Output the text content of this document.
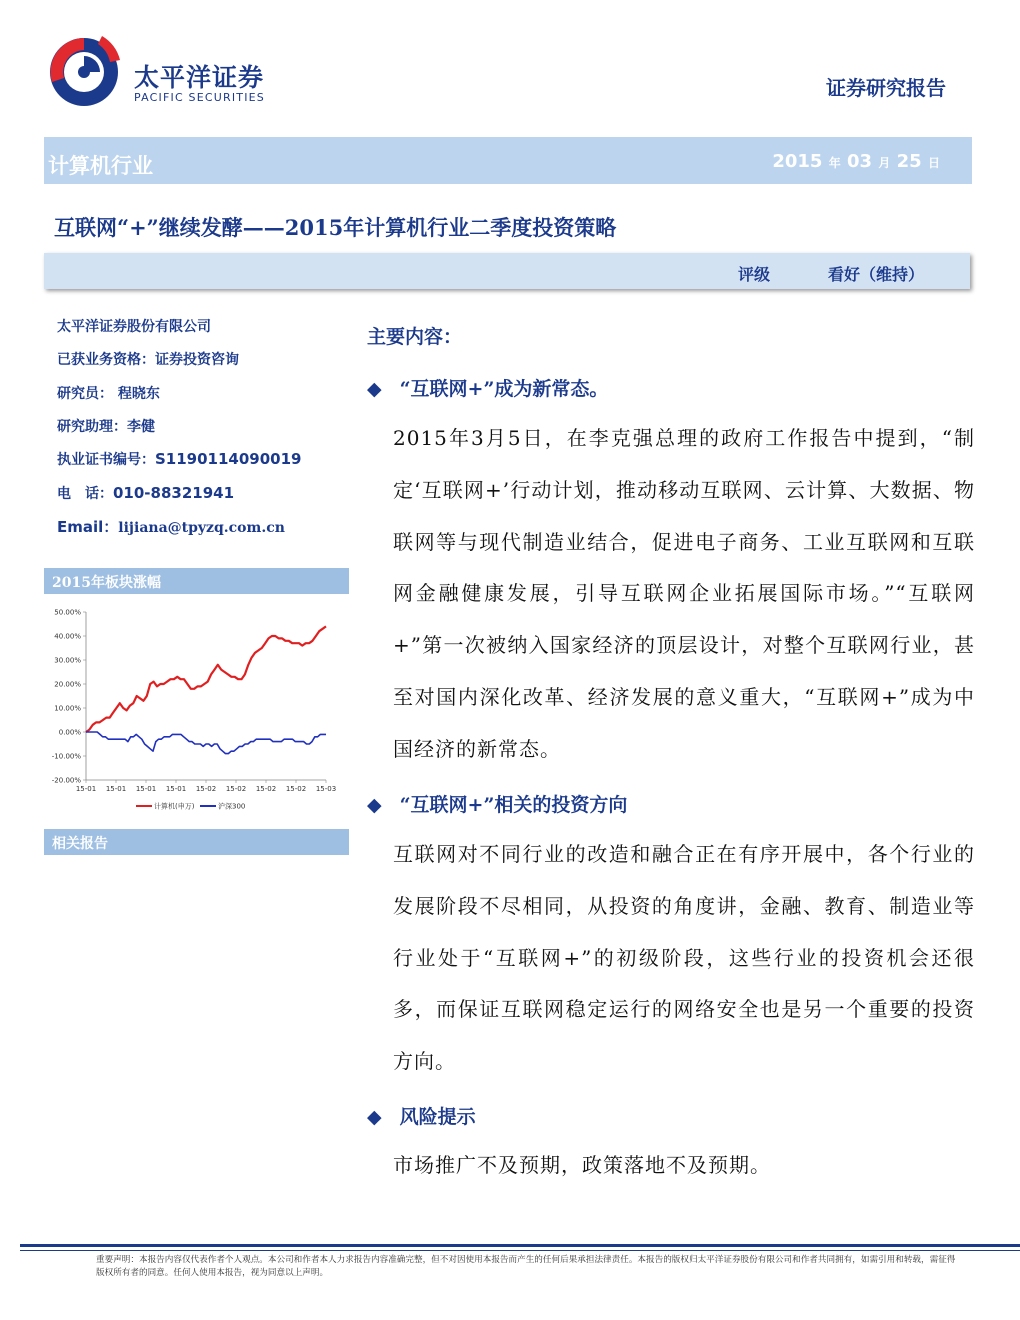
太平洋证券
PACIFIC SECURITIES	证券研究报告
计算机行业	2015 年 03 月 25 日
互联网“+”继续发酵——2015年计算机行业二季度投资策略
评级	看好（维持）
太平洋证券股份有限公司
已获业务资格：证券投资咨询
研究员： 程晓东
研究助理：李健
执业证书编号：S1190114090019
电　话：010-88321941
Email：lijiana@tpyzq.com.cn
2015年板块涨幅
50.00%
40.00%
30.00%
20.00%
10.00%
0.00%
-10.00%
-20.00%
15-01 15-01 15-01 15-01 15-02 15-02 15-02 15-02 15-03
计算机(申万)	沪深300
相关报告
主要内容：
◆ “互联网+”成为新常态。
2015年3月5日，在李克强总理的政府工作报告中提到，“制定‘互联网+’行动计划，推动移动互联网、云计算、大数据、物联网等与现代制造业结合，促进电子商务、工业互联网和互联网金融健康发展，引导互联网企业拓展国际市场。”“互联网+”第一次被纳入国家经济的顶层设计，对整个互联网行业，甚至对国内深化改革、经济发展的意义重大，“互联网+”成为中国经济的新常态。
◆ “互联网+”相关的投资方向
互联网对不同行业的改造和融合正在有序开展中，各个行业的发展阶段不尽相同，从投资的角度讲，金融、教育、制造业等行业处于“互联网+”的初级阶段，这些行业的投资机会还很多，而保证互联网稳定运行的网络安全也是另一个重要的投资方向。
◆ 风险提示
市场推广不及预期，政策落地不及预期。
重要声明：本报告内容仅代表作者个人观点。本公司和作者本人力求报告内容准确完整，但不对因使用本报告而产生的任何后果承担法律责任。本报告的版权归太平洋证券股份有限公司和作者共同拥有，如需引用和转载，需征得版权所有者的同意。任何人使用本报告，视为同意以上声明。
